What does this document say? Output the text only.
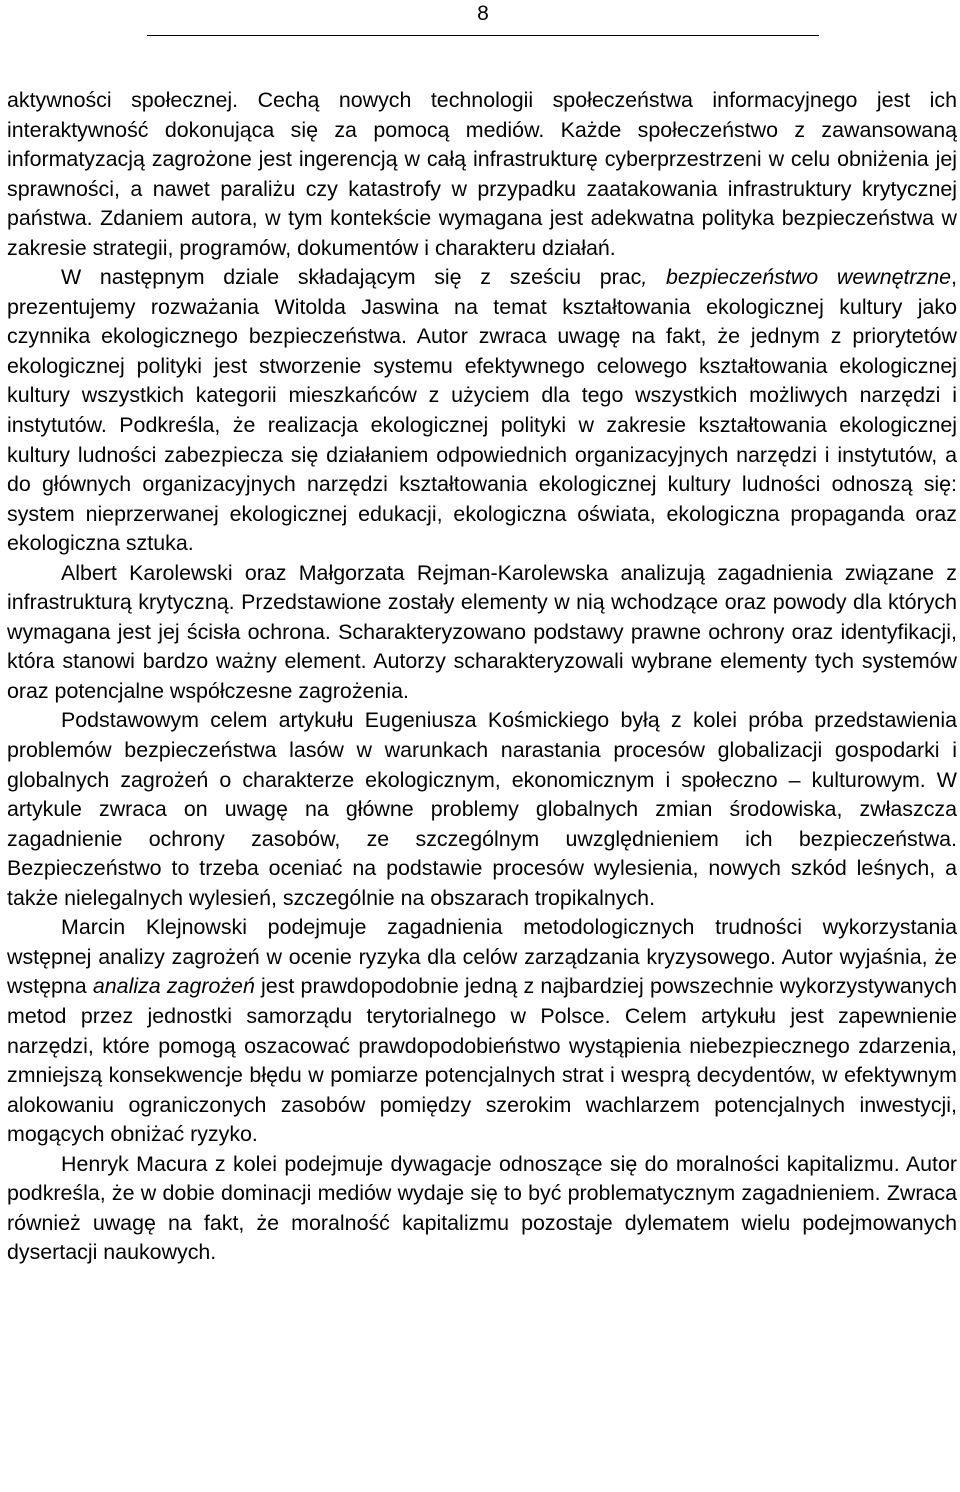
8

aktywności społecznej. Cechą nowych technologii społeczeństwa informacyjnego jest ich interaktywność dokonująca się za pomocą mediów. Każde społeczeństwo z zawansowaną informatyzacją zagrożone jest ingerencją w całą infrastrukturę cyberprzestrzeni w celu obniżenia jej sprawności, a nawet paraliżu czy katastrofy w przypadku zaatakowania infrastruktury krytycznej państwa. Zdaniem autora, w tym kontekście wymagana jest adekwatna polityka bezpieczeństwa w zakresie strategii, programów, dokumentów i charakteru działań.

W następnym dziale składającym się z sześciu prac, bezpieczeństwo wewnętrzne, prezentujemy rozważania Witolda Jaswina na temat kształtowania ekologicznej kultury jako czynnika ekologicznego bezpieczeństwa. Autor zwraca uwagę na fakt, że jednym z priorytetów ekologicznej polityki jest stworzenie systemu efektywnego celowego kształtowania ekologicznej kultury wszystkich kategorii mieszkańców z użyciem dla tego wszystkich możliwych narzędzi i instytutów. Podkreśla, że realizacja ekologicznej polityki w zakresie kształtowania ekologicznej kultury ludności zabezpiecza się działaniem odpowiednich organizacyjnych narzędzi i instytutów, a do głównych organizacyjnych narzędzi kształtowania ekologicznej kultury ludności odnoszą się: system nieprzerwanej ekologicznej edukacji, ekologiczna oświata, ekologiczna propaganda oraz ekologiczna sztuka.

Albert Karolewski oraz Małgorzata Rejman-Karolewska analizują zagadnienia związane z infrastrukturą krytyczną. Przedstawione zostały elementy w nią wchodzące oraz powody dla których wymagana jest jej ścisła ochrona. Scharakteryzowano podstawy prawne ochrony oraz identyfikacji, która stanowi bardzo ważny element. Autorzy scharakteryzowali wybrane elementy tych systemów oraz potencjalne współczesne zagrożenia.

Podstawowym celem artykułu Eugeniusza Kośmickiego byłą z kolei próba przedstawienia problemów bezpieczeństwa lasów w warunkach narastania procesów globalizacji gospodarki i globalnych zagrożeń o charakterze ekologicznym, ekonomicznym i społeczno – kulturowym. W artykule zwraca on uwagę na główne problemy globalnych zmian środowiska, zwłaszcza zagadnienie ochrony zasobów, ze szczególnym uwzględnieniem ich bezpieczeństwa. Bezpieczeństwo to trzeba oceniać na podstawie procesów wylesienia, nowych szkód leśnych, a także nielegalnych wylesień, szczególnie na obszarach tropikalnych.

Marcin Klejnowski podejmuje zagadnienia metodologicznych trudności wykorzystania wstępnej analizy zagrożeń w ocenie ryzyka dla celów zarządzania kryzysowego. Autor wyjaśnia, że wstępna analiza zagrożeń jest prawdopodobnie jedną z najbardziej powszechnie wykorzystywanych metod przez jednostki samorządu terytorialnego w Polsce. Celem artykułu jest zapewnienie narzędzi, które pomogą oszacować prawdopodobieństwo wystąpienia niebezpiecznego zdarzenia, zmniejszą konsekwencje błędu w pomiarze potencjalnych strat i wesprą decydentów, w efektywnym alokowaniu ograniczonych zasobów pomiędzy szerokim wachlarzem potencjalnych inwestycji, mogących obniżać ryzyko.

Henryk Macura z kolei podejmuje dywagacje odnoszące się do moralności kapitalizmu. Autor podkreśla, że w dobie dominacji mediów wydaje się to być problematycznym zagadnieniem. Zwraca również uwagę na fakt, że moralność kapitalizmu pozostaje dylematem wielu podejmowanych dysertacji naukowych.
